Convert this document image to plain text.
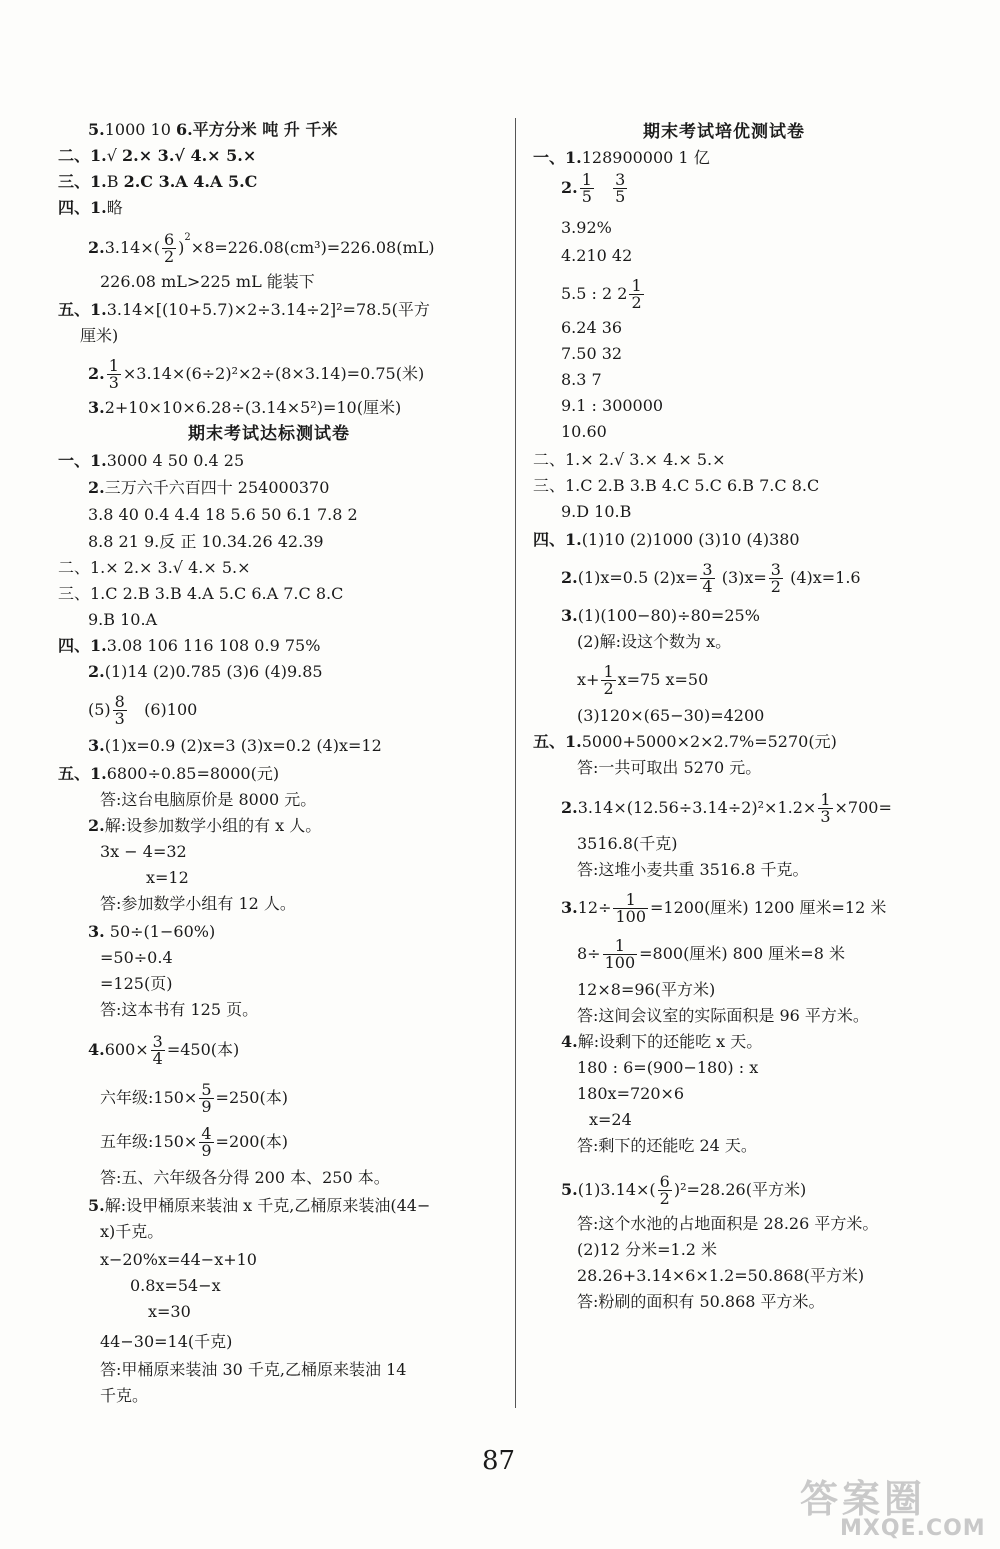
5.1000 10 6.平方分米 吨 升 千米
二、1.√ 2.× 3.√ 4.× 5.×
三、1.B 2.C 3.A 4.A 5.C
四、1.略
$2.3.14\times( \frac{6}{2} )^2\times 8=226.08(cm^3)=226.08(mL)$
226.08 mL>225 mL 能装下
五、1.3.14×[(10+5.7)×2÷3.14÷2]²=78.5(平方
厘米)
2. $\frac{1}{3} \times 3.14\times(6\div 2)^2\times 2\div(8\times 3.14)=0.75$(米)
3.2+10×10×6.28÷(3.14×5²)=10(厘米)
期末考试达标测试卷
一、1.3000 4 50 0.4 25
2.三万六千六百四十 254000370
3.8 40 0.4 4.4 18 5.6 50 6.1 7.8 2
8.8 21 9.反 正 10.34.26 42.39
二、1.× 2.× 3.√ 4.× 5.×
三、1.C 2.B 3.B 4.A 5.C 6.A 7.C 8.C
9.B 10.A
四、1.3.08 106 116 108 0.9 75%
2.(1)14 (2)0.785 (3)6 (4)9.85
$(5) \frac{8}{3} (6)100$
3.(1)x=0.9 (2)x=3 (3)x=0.2 (4)x=12
五、1.6800÷0.85=8000(元)
答:这台电脑原价是 8000 元。
2.解:设参加数学小组的有 x 人。
3x − 4=32
x=12
答:参加数学小组有 12 人。
3. 50÷(1−60%)
=50÷0.4
=125(页)
答:这本书有 125 页。
$4.600\times \frac{3}{4} =450$(本)
六年级:150× $\frac{5}{9} =250$(本)
五年级:150× $\frac{4}{9} =200$(本)
答:五、六年级各分得 200 本、250 本。
5.解:设甲桶原来装油 x 千克,乙桶原来装油(44−
x)千克。
x−20%x=44−x+10
0.8x=54−x
x=30
44−30=14(千克)
答:甲桶原来装油 30 千克,乙桶原来装油 14
千克。
期末考试培优测试卷
一、1.128900000 1 亿
2. $\frac{1}{5}$
$\frac{3}{5}$
3.92%
4.210 42
5.5 : 2 $2 \frac{1}{2}$
6.24 36
7.50 32
8.3 7
9.1 : 300000
10.60
二、1.× 2.√ 3.× 4.× 5.×
三、1.C 2.B 3.B 4.C 5.C 6.B 7.C 8.C
9.D 10.B
四、1.(1)10 (2)1000 (3)10 (4)380
2.(1)x=0.5 $(2)x= \frac{3}{4} (3)x= \frac{3}{2} (4)x=1.6$
3.(1)(100−80)÷80=25%
(2)解:设这个数为 x。
$x+ \frac{1}{2} x=75$ x=50
(3)120×(65−30)=4200
五、1.5000+5000×2×2.7%=5270(元)
答:一共可取出 5270 元。
$2.3.14\times(12.56\div 3.14\div 2)^2\times 1.2\times \frac{1}{3} \times 700=$
3516.8(千克)
答:这堆小麦共重 3516.8 千克。
$3.12\div \frac{1}{100} =1200$(厘米) 1200 厘米=12 米
$8\div \frac{1}{100} =800$(厘米) 800 厘米=8 米
12×8=96(平方米)
答:这间会议室的实际面积是 96 平方米。
4.解:设剩下的还能吃 x 天。
180 : 6=(900−180) : x
180x=720×6
x=24
答:剩下的还能吃 24 天。
$5.(1)3.14\times( \frac{6}{2} )^2=28.26$(平方米)
答:这个水池的占地面积是 28.26 平方米。
(2)12 分米=1.2 米
28.26+3.14×6×1.2=50.868(平方米)
答:粉刷的面积有 50.868 平方米。
87
答案圈
MXQE.COM
